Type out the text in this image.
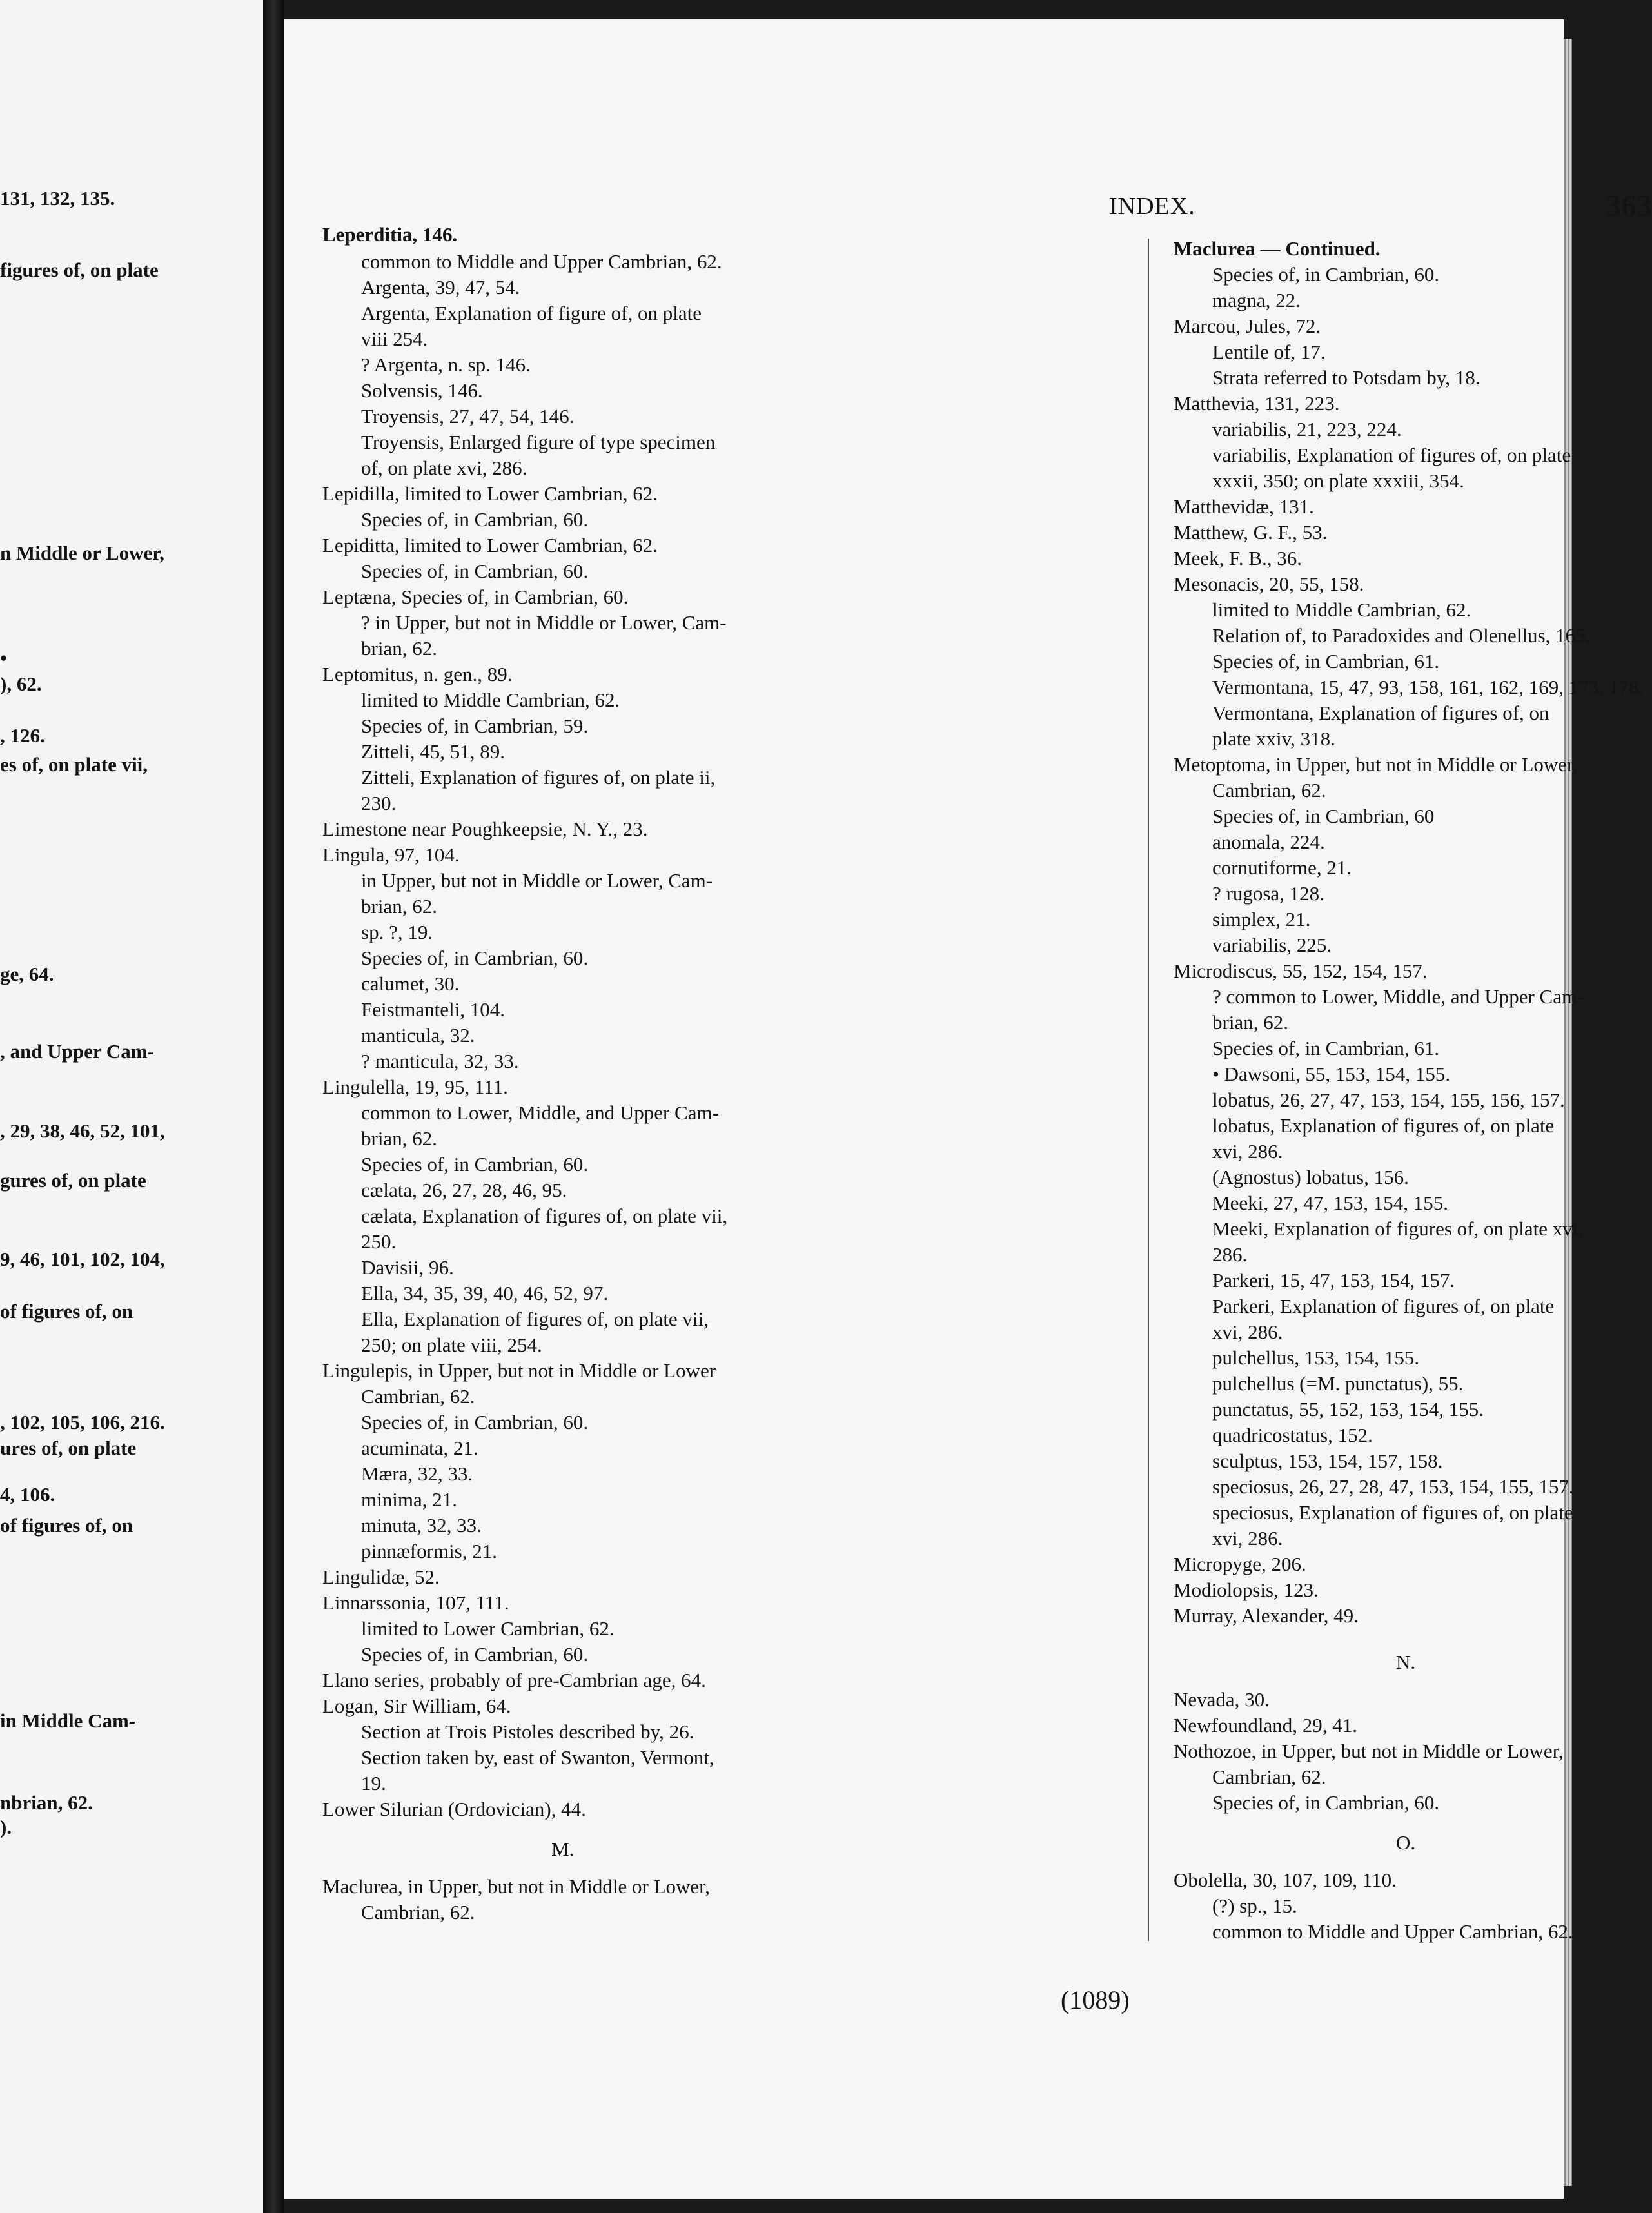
131, 132, 135.
figures of, on plate
n Middle or Lower,
•
), 62.
, 126.
es of, on plate vii,
ge, 64.
, and Upper Cam-
, 29, 38, 46, 52, 101,
gures of, on plate
9, 46, 101, 102, 104,
of figures of, on
, 102, 105, 106, 216.
ures of, on plate
4, 106.
of figures of, on
in Middle Cam-
nbrian, 62.
).
INDEX.	363
Leperditia, 146.
common to Middle and Upper Cambrian, 62.
Argenta, 39, 47, 54.
Argenta, Explanation of figure of, on plate
viii 254.
? Argenta, n. sp. 146.
Solvensis, 146.
Troyensis, 27, 47, 54, 146.
Troyensis, Enlarged figure of type specimen
of, on plate xvi, 286.
Lepidilla, limited to Lower Cambrian, 62.
Species of, in Cambrian, 60.
Lepiditta, limited to Lower Cambrian, 62.
Species of, in Cambrian, 60.
Leptæna, Species of, in Cambrian, 60.
? in Upper, but not in Middle or Lower, Cam-
brian, 62.
Leptomitus, n. gen., 89.
limited to Middle Cambrian, 62.
Species of, in Cambrian, 59.
Zitteli, 45, 51, 89.
Zitteli, Explanation of figures of, on plate ii,
230.
Limestone near Poughkeepsie, N. Y., 23.
Lingula, 97, 104.
in Upper, but not in Middle or Lower, Cam-
brian, 62.
sp. ?, 19.
Species of, in Cambrian, 60.
calumet, 30.
Feistmanteli, 104.
manticula, 32.
? manticula, 32, 33.
Lingulella, 19, 95, 111.
common to Lower, Middle, and Upper Cam-
brian, 62.
Species of, in Cambrian, 60.
cælata, 26, 27, 28, 46, 95.
cælata, Explanation of figures of, on plate vii,
250.
Davisii, 96.
Ella, 34, 35, 39, 40, 46, 52, 97.
Ella, Explanation of figures of, on plate vii,
250; on plate viii, 254.
Lingulepis, in Upper, but not in Middle or Lower
Cambrian, 62.
Species of, in Cambrian, 60.
acuminata, 21.
Mæra, 32, 33.
minima, 21.
minuta, 32, 33.
pinnæformis, 21.
Lingulidæ, 52.
Linnarssonia, 107, 111.
limited to Lower Cambrian, 62.
Species of, in Cambrian, 60.
Llano series, probably of pre-Cambrian age, 64.
Logan, Sir William, 64.
Section at Trois Pistoles described by, 26.
Section taken by, east of Swanton, Vermont,
19.
Lower Silurian (Ordovician), 44.
M.
Maclurea, in Upper, but not in Middle or Lower,
Cambrian, 62.
Maclurea — Continued.
Species of, in Cambrian, 60.
magna, 22.
Marcou, Jules, 72.
Lentile of, 17.
Strata referred to Potsdam by, 18.
Matthevia, 131, 223.
variabilis, 21, 223, 224.
variabilis, Explanation of figures of, on plate
xxxii, 350; on plate xxxiii, 354.
Matthevidæ, 131.
Matthew, G. F., 53.
Meek, F. B., 36.
Mesonacis, 20, 55, 158.
limited to Middle Cambrian, 62.
Relation of, to Paradoxides and Olenellus, 165.
Species of, in Cambrian, 61.
Vermontana, 15, 47, 93, 158, 161, 162, 169, 173, 178.
Vermontana, Explanation of figures of, on
plate xxiv, 318.
Metoptoma, in Upper, but not in Middle or Lower,
Cambrian, 62.
Species of, in Cambrian, 60
anomala, 224.
cornutiforme, 21.
? rugosa, 128.
simplex, 21.
variabilis, 225.
Microdiscus, 55, 152, 154, 157.
? common to Lower, Middle, and Upper Cam-
brian, 62.
Species of, in Cambrian, 61.
• Dawsoni, 55, 153, 154, 155.
lobatus, 26, 27, 47, 153, 154, 155, 156, 157.
lobatus, Explanation of figures of, on plate
xvi, 286.
(Agnostus) lobatus, 156.
Meeki, 27, 47, 153, 154, 155.
Meeki, Explanation of figures of, on plate xvi,
286.
Parkeri, 15, 47, 153, 154, 157.
Parkeri, Explanation of figures of, on plate
xvi, 286.
pulchellus, 153, 154, 155.
pulchellus (=M. punctatus), 55.
punctatus, 55, 152, 153, 154, 155.
quadricostatus, 152.
sculptus, 153, 154, 157, 158.
speciosus, 26, 27, 28, 47, 153, 154, 155, 157.
speciosus, Explanation of figures of, on plate
xvi, 286.
Micropyge, 206.
Modiolopsis, 123.
Murray, Alexander, 49.
N.
Nevada, 30.
Newfoundland, 29, 41.
Nothozoe, in Upper, but not in Middle or Lower,
Cambrian, 62.
Species of, in Cambrian, 60.
O.
Obolella, 30, 107, 109, 110.
(?) sp., 15.
common to Middle and Upper Cambrian, 62.
(1089)
